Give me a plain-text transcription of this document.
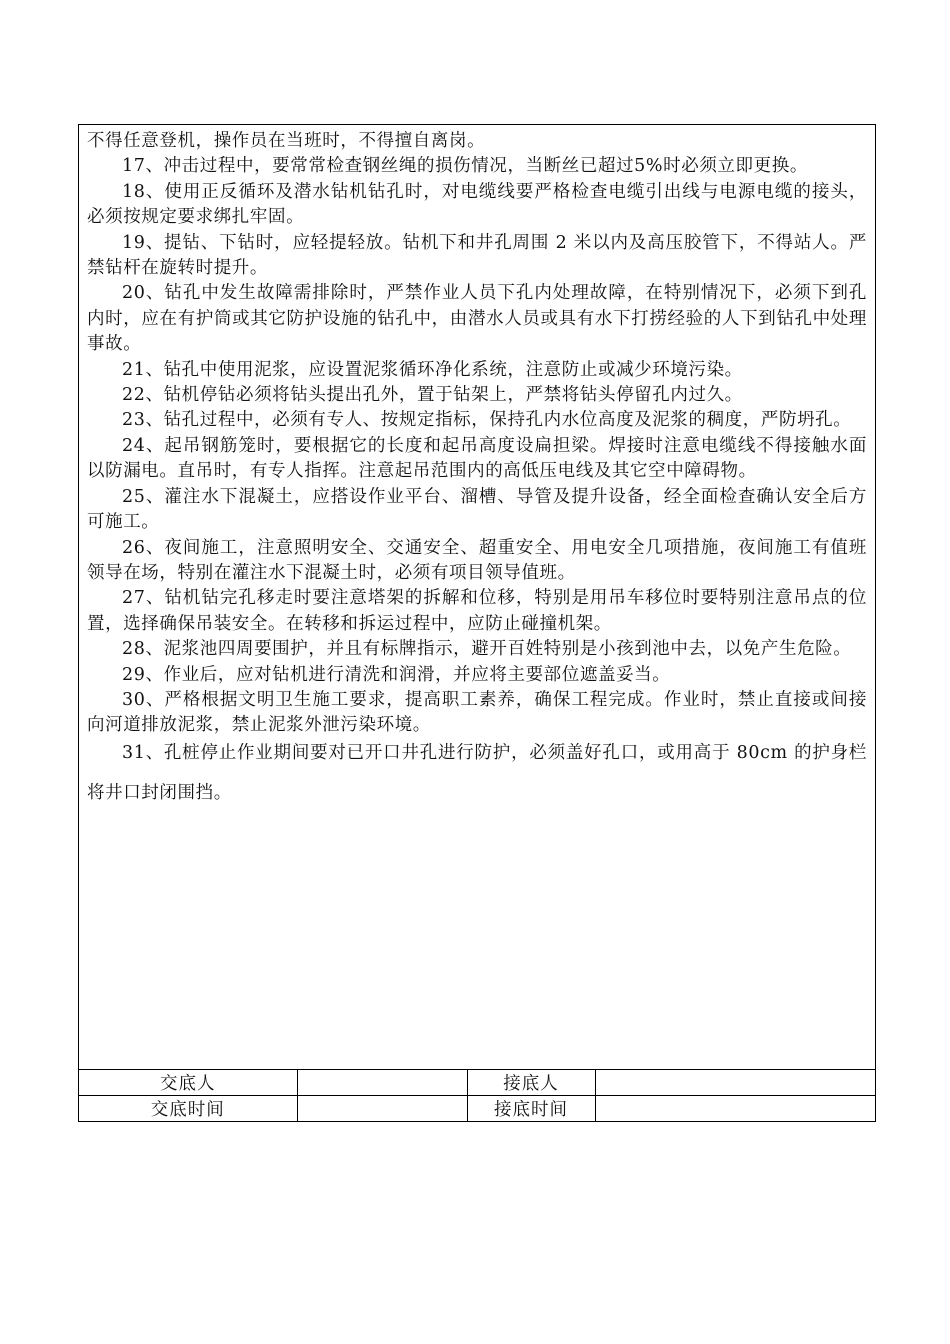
不得任意登机，操作员在当班时，不得擅自离岗。

17、冲击过程中，要常常检查钢丝绳的损伤情况，当断丝已超过5%时必须立即更换。

18、使用正反循环及潜水钻机钻孔时，对电缆线要严格检查电缆引出线与电源电缆的接头，必须按规定要求绑扎牢固。

19、提钻、下钻时，应轻提轻放。钻机下和井孔周围 2 米以内及高压胶管下，不得站人。严禁钻杆在旋转时提升。

20、钻孔中发生故障需排除时，严禁作业人员下孔内处理故障，在特别情况下，必须下到孔内时，应在有护筒或其它防护设施的钻孔中，由潜水人员或具有水下打捞经验的人下到钻孔中处理事故。

21、钻孔中使用泥浆，应设置泥浆循环净化系统，注意防止或减少环境污染。

22、钻机停钻必须将钻头提出孔外，置于钻架上，严禁将钻头停留孔内过久。

23、钻孔过程中，必须有专人、按规定指标，保持孔内水位高度及泥浆的稠度，严防坍孔。

24、起吊钢筋笼时，要根据它的长度和起吊高度设扁担梁。焊接时注意电缆线不得接触水面以防漏电。直吊时，有专人指挥。注意起吊范围内的高低压电线及其它空中障碍物。

25、灌注水下混凝土，应搭设作业平台、溜槽、导管及提升设备，经全面检查确认安全后方可施工。

26、夜间施工，注意照明安全、交通安全、超重安全、用电安全几项措施，夜间施工有值班领导在场，特别在灌注水下混凝土时，必须有项目领导值班。

27、钻机钻完孔移走时要注意塔架的拆解和位移，特别是用吊车移位时要特别注意吊点的位置，选择确保吊装安全。在转移和拆运过程中，应防止碰撞机架。

28、泥浆池四周要围护，并且有标牌指示，避开百姓特别是小孩到池中去，以免产生危险。

29、作业后，应对钻机进行清洗和润滑，并应将主要部位遮盖妥当。

30、严格根据文明卫生施工要求，提高职工素养，确保工程完成。作业时，禁止直接或间接向河道排放泥浆，禁止泥浆外泄污染环境。

31、孔桩停止作业期间要对已开口井孔进行防护，必须盖好孔口，或用高于 80cm 的护身栏将井口封闭围挡。

交底人		接底人	
交底时间		接底时间	
